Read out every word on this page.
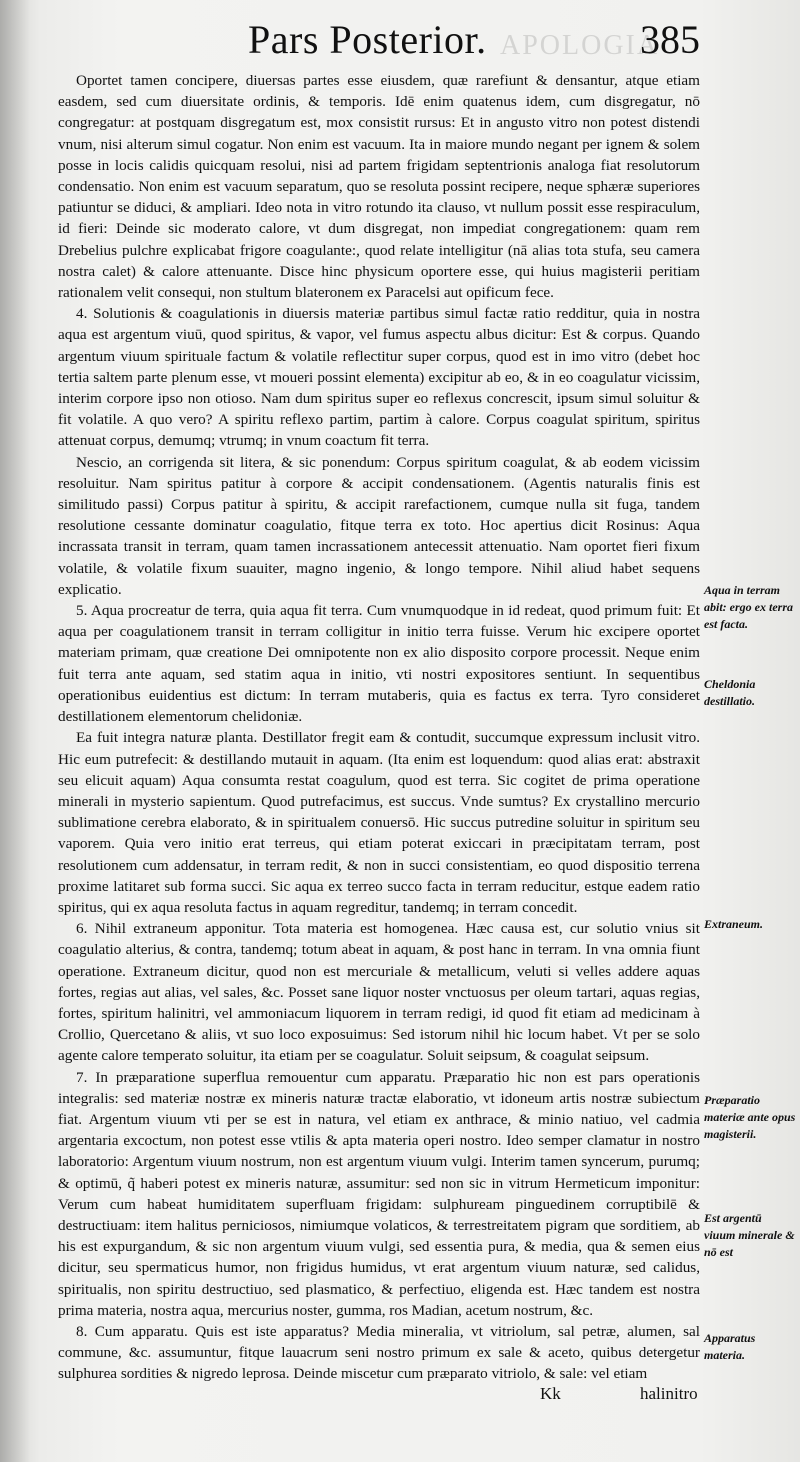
APOLOGIA
Pars Posterior.	385

Oportet tamen concipere, diuersas partes esse eiusdem, quæ rarefiunt & densantur, atque etiam easdem, sed cum diuersitate ordinis, & temporis. Idē enim quatenus idem, cum disgregatur, nō congregatur: at postquam disgregatum est, mox consistit rursus: Et in angusto vitro non potest distendi vnum, nisi alterum simul cogatur. Non enim est vacuum. Ita in maiore mundo negant per ignem & solem posse in locis calidis quicquam resolui, nisi ad partem frigidam septentrionis analoga fiat resolutorum condensatio. Non enim est vacuum separatum, quo se resoluta possint recipere, neque sphæræ superiores patiuntur se diduci, & ampliari. Ideo nota in vitro rotundo ita clauso, vt nullum possit esse respiraculum, id fieri: Deinde sic moderato calore, vt dum disgregat, non impediat congregationem: quam rem Drebelius pulchre explicabat frigore coagulante:, quod relate intelligitur (nā alias tota stufa, seu camera nostra calet) & calore attenuante. Disce hinc physicum oportere esse, qui huius magisterii peritiam rationalem velit consequi, non stultum blateronem ex Paracelsi aut opificum fece.

4. Solutionis & coagulationis in diuersis materiæ partibus simul factæ ratio redditur, quia in nostra aqua est argentum viuū, quod spiritus, & vapor, vel fumus aspectu albus dicitur: Est & corpus. Quando argentum viuum spirituale factum & volatile reflectitur super corpus, quod est in imo vitro (debet hoc tertia saltem parte plenum esse, vt moueri possint elementa) excipitur ab eo, & in eo coagulatur vicissim, interim corpore ipso non otioso. Nam dum spiritus super eo reflexus concrescit, ipsum simul soluitur & fit volatile. A quo vero? A spiritu reflexo partim, partim à calore. Corpus coagulat spiritum, spiritus attenuat corpus, demumq; vtrumq; in vnum coactum fit terra.

Nescio, an corrigenda sit litera, & sic ponendum: Corpus spiritum coagulat, & ab eodem vicissim resoluitur. Nam spiritus patitur à corpore & accipit condensationem. (Agentis naturalis finis est similitudo passi) Corpus patitur à spiritu, & accipit rarefactionem, cumque nulla sit fuga, tandem resolutione cessante dominatur coagulatio, fitque terra ex toto. Hoc apertius dicit Rosinus: Aqua incrassata transit in terram, quam tamen incrassationem antecessit attenuatio. Nam oportet fieri fixum volatile, & volatile fixum suauiter, magno ingenio, & longo tempore. Nihil aliud habet sequens explicatio.

5. Aqua procreatur de terra, quia aqua fit terra. Cum vnumquodque in id redeat, quod primum fuit: Et aqua per coagulationem transit in terram colligitur in initio terra fuisse. Verum hic excipere oportet materiam primam, quæ creatione Dei omnipotente non ex alio disposito corpore processit. Neque enim fuit terra ante aquam, sed statim aqua in initio, vti nostri expositores sentiunt. In sequentibus operationibus euidentius est dictum: In terram mutaberis, quia es factus ex terra. Tyro consideret destillationem elementorum chelidoniæ.

Ea fuit integra naturæ planta. Destillator fregit eam & contudit, succumque expressum inclusit vitro. Hic eum putrefecit: & destillando mutauit in aquam. (Ita enim est loquendum: quod alias erat: abstraxit seu elicuit aquam) Aqua consumta restat coagulum, quod est terra. Sic cogitet de prima operatione minerali in mysterio sapientum. Quod putrefacimus, est succus. Vnde sumtus? Ex crystallino mercurio sublimatione cerebra elaborato, & in spiritualem conuersō. Hic succus putredine soluitur in spiritum seu vaporem. Quia vero initio erat terreus, qui etiam poterat exiccari in præcipitatam terram, post resolutionem cum addensatur, in terram redit, & non in succi consistentiam, eo quod dispositio terrena proxime latitaret sub forma succi. Sic aqua ex terreo succo facta in terram reducitur, estque eadem ratio spiritus, qui ex aqua resoluta factus in aquam regreditur, tandemq; in terram concedit.

6. Nihil extraneum apponitur. Tota materia est homogenea. Hæc causa est, cur solutio vnius sit coagulatio alterius, & contra, tandemq; totum abeat in aquam, & post hanc in terram. In vna omnia fiunt operatione. Extraneum dicitur, quod non est mercuriale & metallicum, veluti si velles addere aquas fortes, regias aut alias, vel sales, &c. Posset sane liquor noster vnctuosus per oleum tartari, aquas regias, fortes, spiritum halinitri, vel ammoniacum liquorem in terram redigi, id quod fit etiam ad medicinam à Crollio, Quercetano & aliis, vt suo loco exposuimus: Sed istorum nihil hic locum habet. Vt per se solo agente calore temperato soluitur, ita etiam per se coagulatur. Soluit seipsum, & coagulat seipsum.

7. In præparatione superflua remouentur cum apparatu. Præparatio hic non est pars operationis integralis: sed materiæ nostræ ex mineris naturæ tractæ elaboratio, vt idoneum artis nostræ subiectum fiat. Argentum viuum vti per se est in natura, vel etiam ex anthrace, & minio natiuo, vel cadmia argentaria excoctum, non potest esse vtilis & apta materia operi nostro. Ideo semper clamatur in nostro laboratorio: Argentum viuum nostrum, non est argentum viuum vulgi. Interim tamen syncerum, purumq; & optimū, q̃ haberi potest ex mineris naturæ, assumitur: sed non sic in vitrum Hermeticum imponitur: Verum cum habeat humiditatem superfluam frigidam: sulphuream pinguedinem corruptibilē & destructiuam: item halitus perniciosos, nimiumque volaticos, & terrestreitatem pigram que sorditiem, ab his est expurgandum, & sic non argentum viuum vulgi, sed essentia pura, & media, qua & semen eius dicitur, seu spermaticus humor, non frigidus humidus, vt erat argentum viuum naturæ, sed calidus, spiritualis, non spiritu destructiuo, sed plasmatico, & perfectiuo, eligenda est. Hæc tandem est nostra prima materia, nostra aqua, mercurius noster, gumma, ros Madian, acetum nostrum, &c.

8. Cum apparatu. Quis est iste apparatus? Media mineralia, vt vitriolum, sal petræ, alumen, sal commune, &c. assumuntur, fitque lauacrum seni nostro primum ex sale & aceto, quibus detergetur sulphurea sordities & nigredo leprosa. Deinde miscetur cum præparato vitriolo, & sale: vel etiam

Aqua in terram abit: ergo ex terra est facta.
Cheldonia destillatio.
Extraneum.
Præparatio materiæ ante opus magisterii.
Est argentū viuum minerale & nō est
Apparatus materia.
Kk	halinitro
